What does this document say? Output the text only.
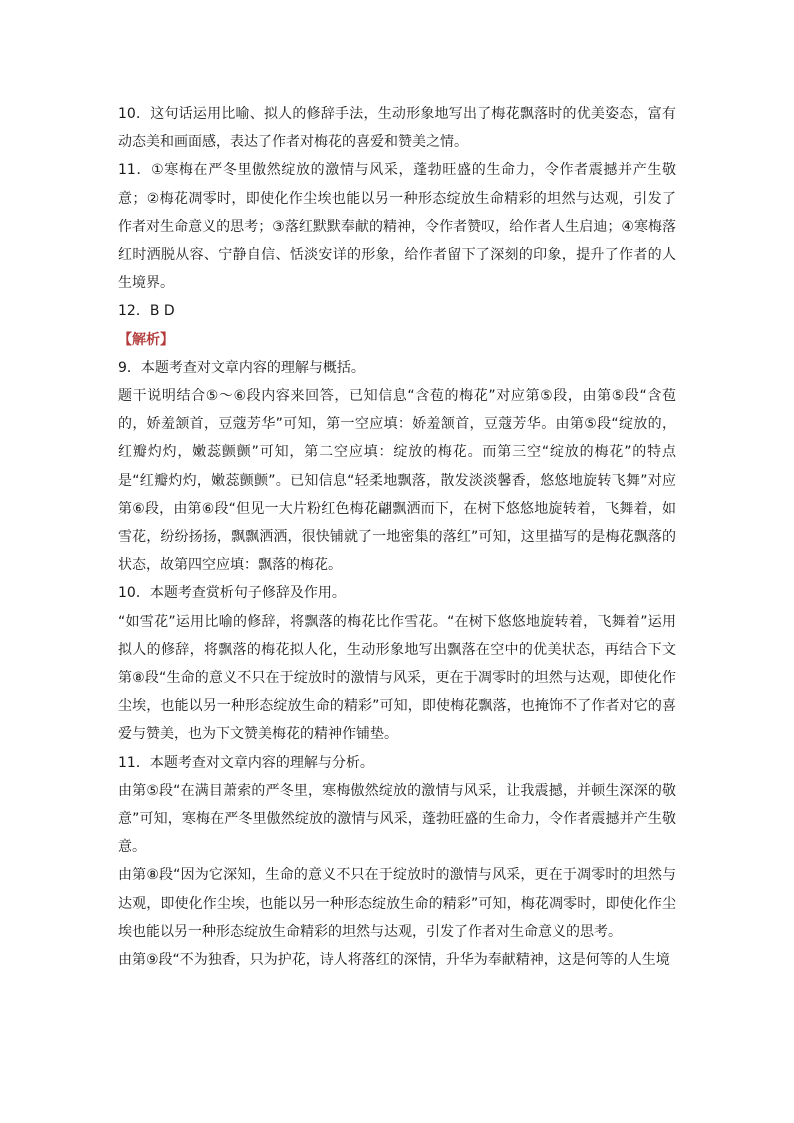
10．这句话运用比喻、拟人的修辞手法，生动形象地写出了梅花飘落时的优美姿态，富有动态美和画面感，表达了作者对梅花的喜爱和赞美之情。

11．①寒梅在严冬里傲然绽放的激情与风采，蓬勃旺盛的生命力，令作者震撼并产生敬意；②梅花凋零时，即使化作尘埃也能以另一种形态绽放生命精彩的坦然与达观，引发了作者对生命意义的思考；③落红默默奉献的精神，令作者赞叹，给作者人生启迪；④寒梅落红时洒脱从容、宁静自信、恬淡安详的形象，给作者留下了深刻的印象，提升了作者的人生境界。

12．B D

【解析】

9．本题考查对文章内容的理解与概括。

题干说明结合⑤～⑥段内容来回答，已知信息“含苞的梅花”对应第⑤段，由第⑤段“含苞的，娇羞颔首，豆蔻芳华”可知，第一空应填：娇羞颔首，豆蔻芳华。由第⑤段“绽放的，红瓣灼灼，嫩蕊颤颤”可知，第二空应填：绽放的梅花。而第三空“绽放的梅花”的特点是“红瓣灼灼，嫩蕊颤颤”。已知信息“轻柔地飘落，散发淡淡馨香，悠悠地旋转飞舞”对应第⑥段，由第⑥段“但见一大片粉红色梅花翩飘洒而下，在树下悠悠地旋转着，飞舞着，如雪花，纷纷扬扬，飘飘洒洒，很快铺就了一地密集的落红”可知，这里描写的是梅花飘落的状态，故第四空应填：飘落的梅花。

10．本题考查赏析句子修辞及作用。

“如雪花”运用比喻的修辞，将飘落的梅花比作雪花。“在树下悠悠地旋转着，飞舞着”运用拟人的修辞，将飘落的梅花拟人化，生动形象地写出飘落在空中的优美状态，再结合下文第⑧段“生命的意义不只在于绽放时的激情与风采，更在于凋零时的坦然与达观，即使化作尘埃，也能以另一种形态绽放生命的精彩”可知，即使梅花飘落，也掩饰不了作者对它的喜爱与赞美，也为下文赞美梅花的精神作铺垫。

11．本题考查对文章内容的理解与分析。

由第⑤段“在满目萧索的严冬里，寒梅傲然绽放的激情与风采，让我震撼，并顿生深深的敬意”可知，寒梅在严冬里傲然绽放的激情与风采，蓬勃旺盛的生命力，令作者震撼并产生敬意。

由第⑧段“因为它深知，生命的意义不只在于绽放时的激情与风采，更在于凋零时的坦然与达观，即使化作尘埃，也能以另一种形态绽放生命的精彩”可知，梅花凋零时，即使化作尘埃也能以另一种形态绽放生命精彩的坦然与达观，引发了作者对生命意义的思考。

由第⑨段“不为独香，只为护花，诗人将落红的深情，升华为奉献精神，这是何等的人生境
